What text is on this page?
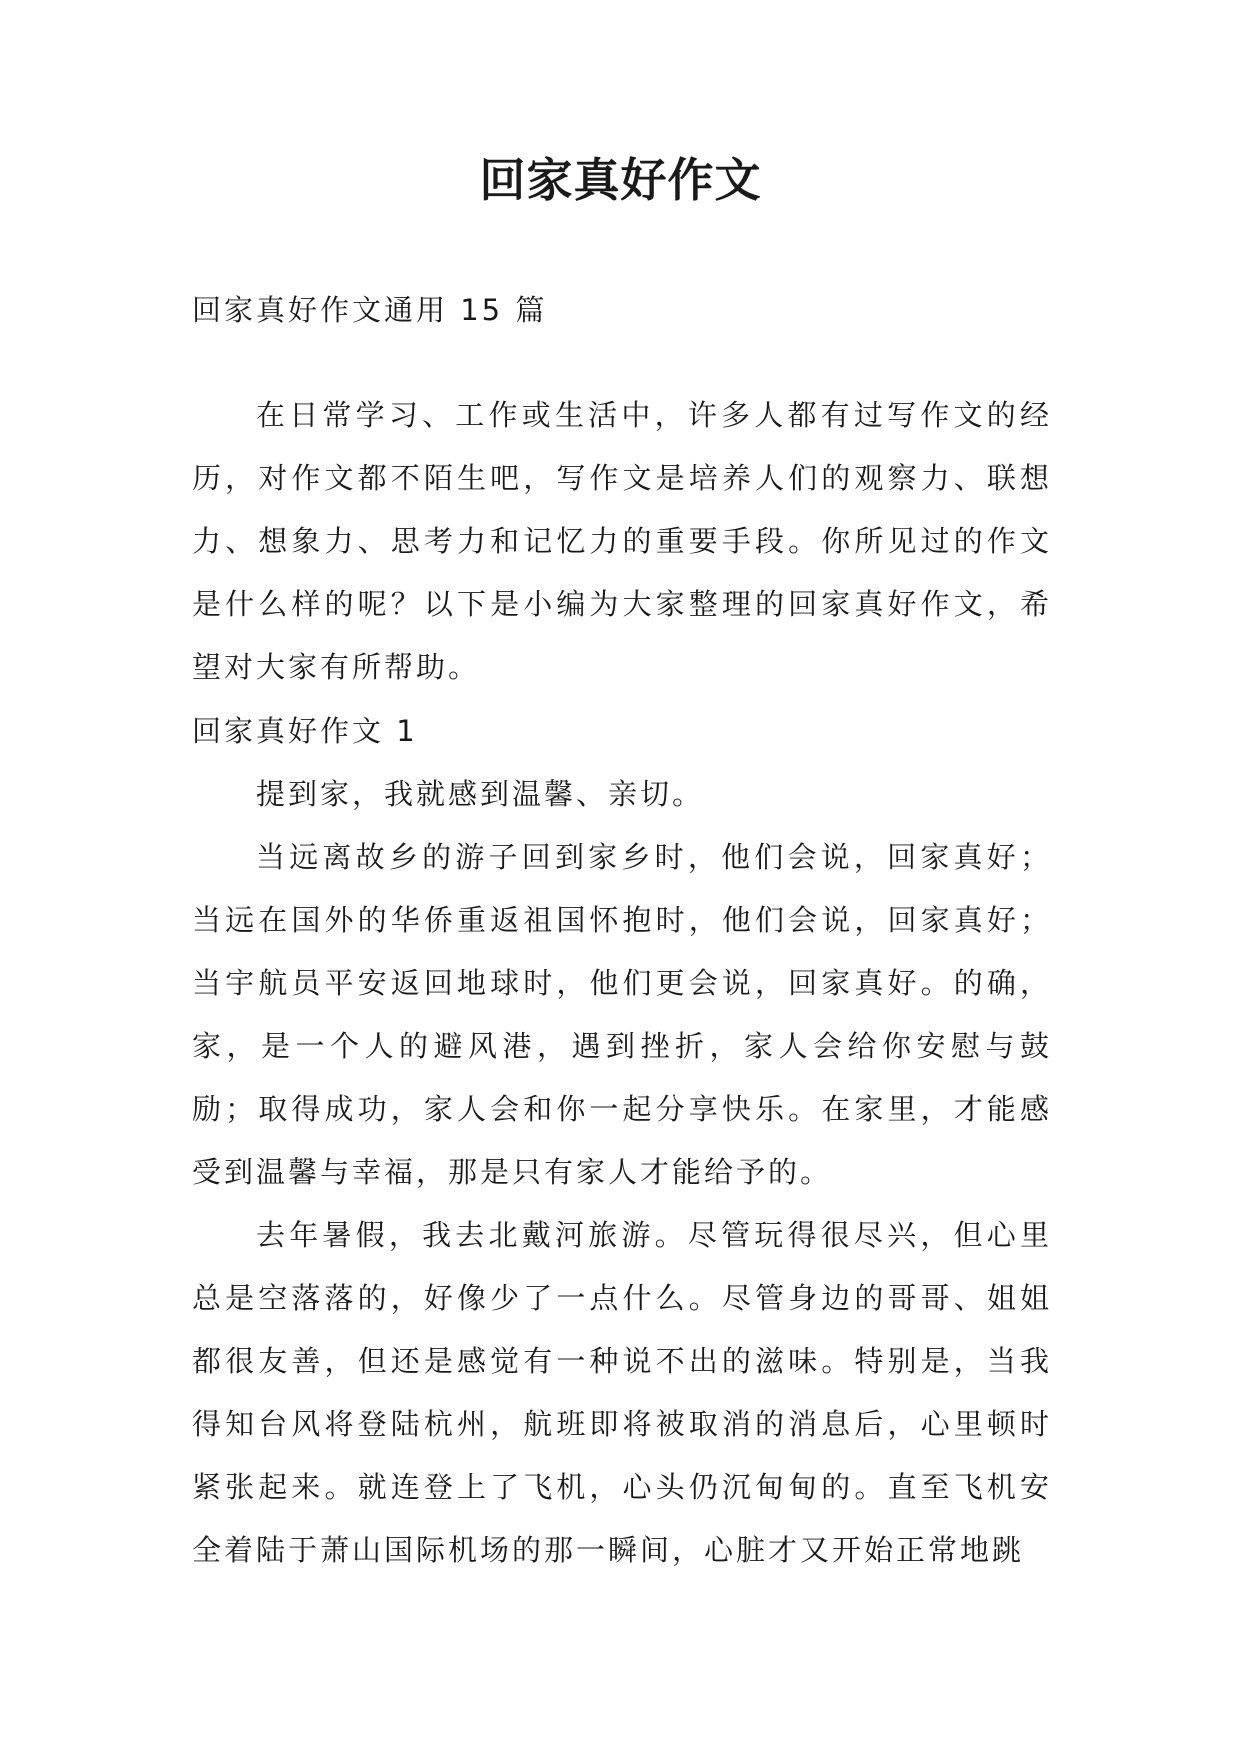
回家真好作文

回家真好作文通用 15 篇

在日常学习、工作或生活中，许多人都有过写作文的经历，对作文都不陌生吧，写作文是培养人们的观察力、联想力、想象力、思考力和记忆力的重要手段。你所见过的作文是什么样的呢？以下是小编为大家整理的回家真好作文，希望对大家有所帮助。

回家真好作文 1

提到家，我就感到温馨、亲切。

当远离故乡的游子回到家乡时，他们会说，回家真好；当远在国外的华侨重返祖国怀抱时，他们会说，回家真好；当宇航员平安返回地球时，他们更会说，回家真好。的确，家，是一个人的避风港，遇到挫折，家人会给你安慰与鼓励；取得成功，家人会和你一起分享快乐。在家里，才能感受到温馨与幸福，那是只有家人才能给予的。

去年暑假，我去北戴河旅游。尽管玩得很尽兴，但心里总是空落落的，好像少了一点什么。尽管身边的哥哥、姐姐都很友善，但还是感觉有一种说不出的滋味。特别是，当我得知台风将登陆杭州，航班即将被取消的消息后，心里顿时紧张起来。就连登上了飞机，心头仍沉甸甸的。直至飞机安全着陆于萧山国际机场的那一瞬间，心脏才又开始正常地跳
